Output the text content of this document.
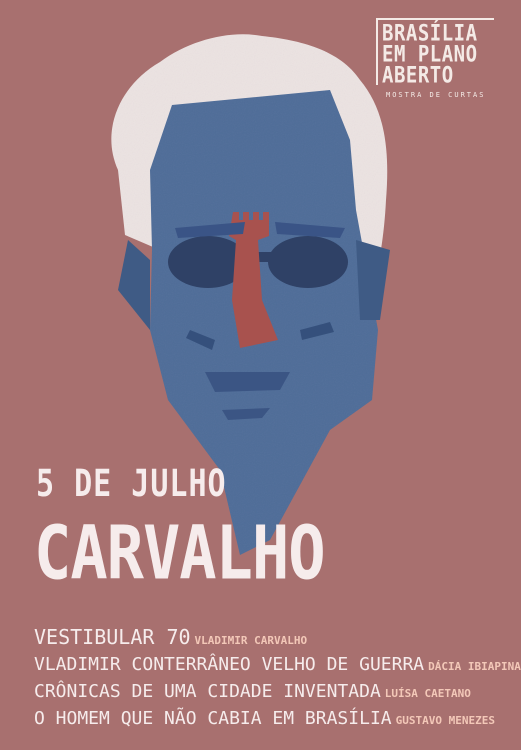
BRASÍLIA
EM PLANO
ABERTO
MOSTRA DE CURTAS
5 DE JULHO
CARVALHO
VESTIBULAR 70 VLADIMIR CARVALHO
VLADIMIR CONTERRÂNEO VELHO DE GUERRA DÁCIA IBIAPINA
CRÔNICAS DE UMA CIDADE INVENTADA LUÍSA CAETANO
O HOMEM QUE NÃO CABIA EM BRASÍLIA GUSTAVO MENEZES
